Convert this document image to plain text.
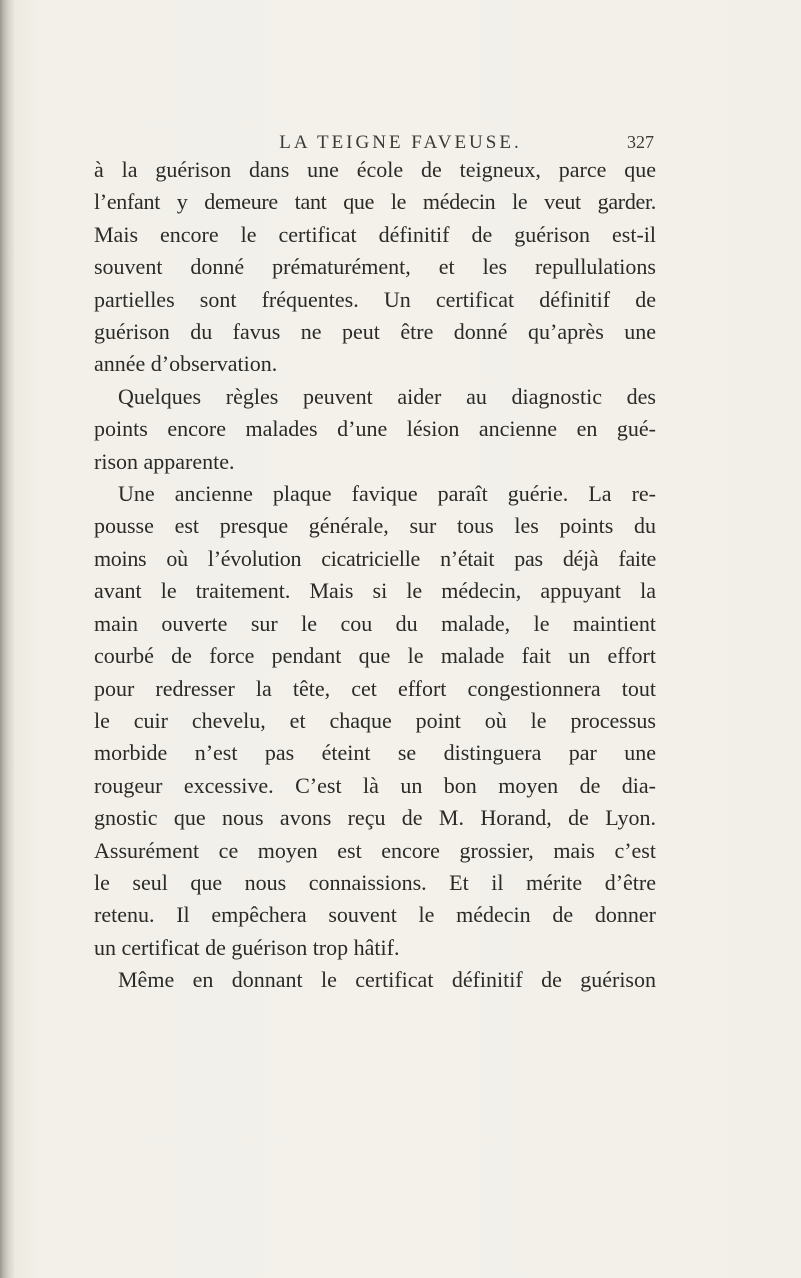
LA TEIGNE FAVEUSE.	327

à la guérison dans une école de teigneux, parce que
l’enfant y demeure tant que le médecin le veut garder.
Mais encore le certificat définitif de guérison est-il
souvent donné prématurément, et les repullulations
partielles sont fréquentes. Un certificat définitif de
guérison du favus ne peut être donné qu’après une
année d’observation.

Quelques règles peuvent aider au diagnostic des
points encore malades d’une lésion ancienne en gué-
rison apparente.

Une ancienne plaque favique paraît guérie. La re-
pousse est presque générale, sur tous les points du
moins où l’évolution cicatricielle n’était pas déjà faite
avant le traitement. Mais si le médecin, appuyant la
main ouverte sur le cou du malade, le maintient
courbé de force pendant que le malade fait un effort
pour redresser la tête, cet effort congestionnera tout
le cuir chevelu, et chaque point où le processus
morbide n’est pas éteint se distinguera par une
rougeur excessive. C’est là un bon moyen de dia-
gnostic que nous avons reçu de M. Horand, de Lyon.
Assurément ce moyen est encore grossier, mais c’est
le seul que nous connaissions. Et il mérite d’être
retenu. Il empêchera souvent le médecin de donner
un certificat de guérison trop hâtif.

Même en donnant le certificat définitif de guérison
